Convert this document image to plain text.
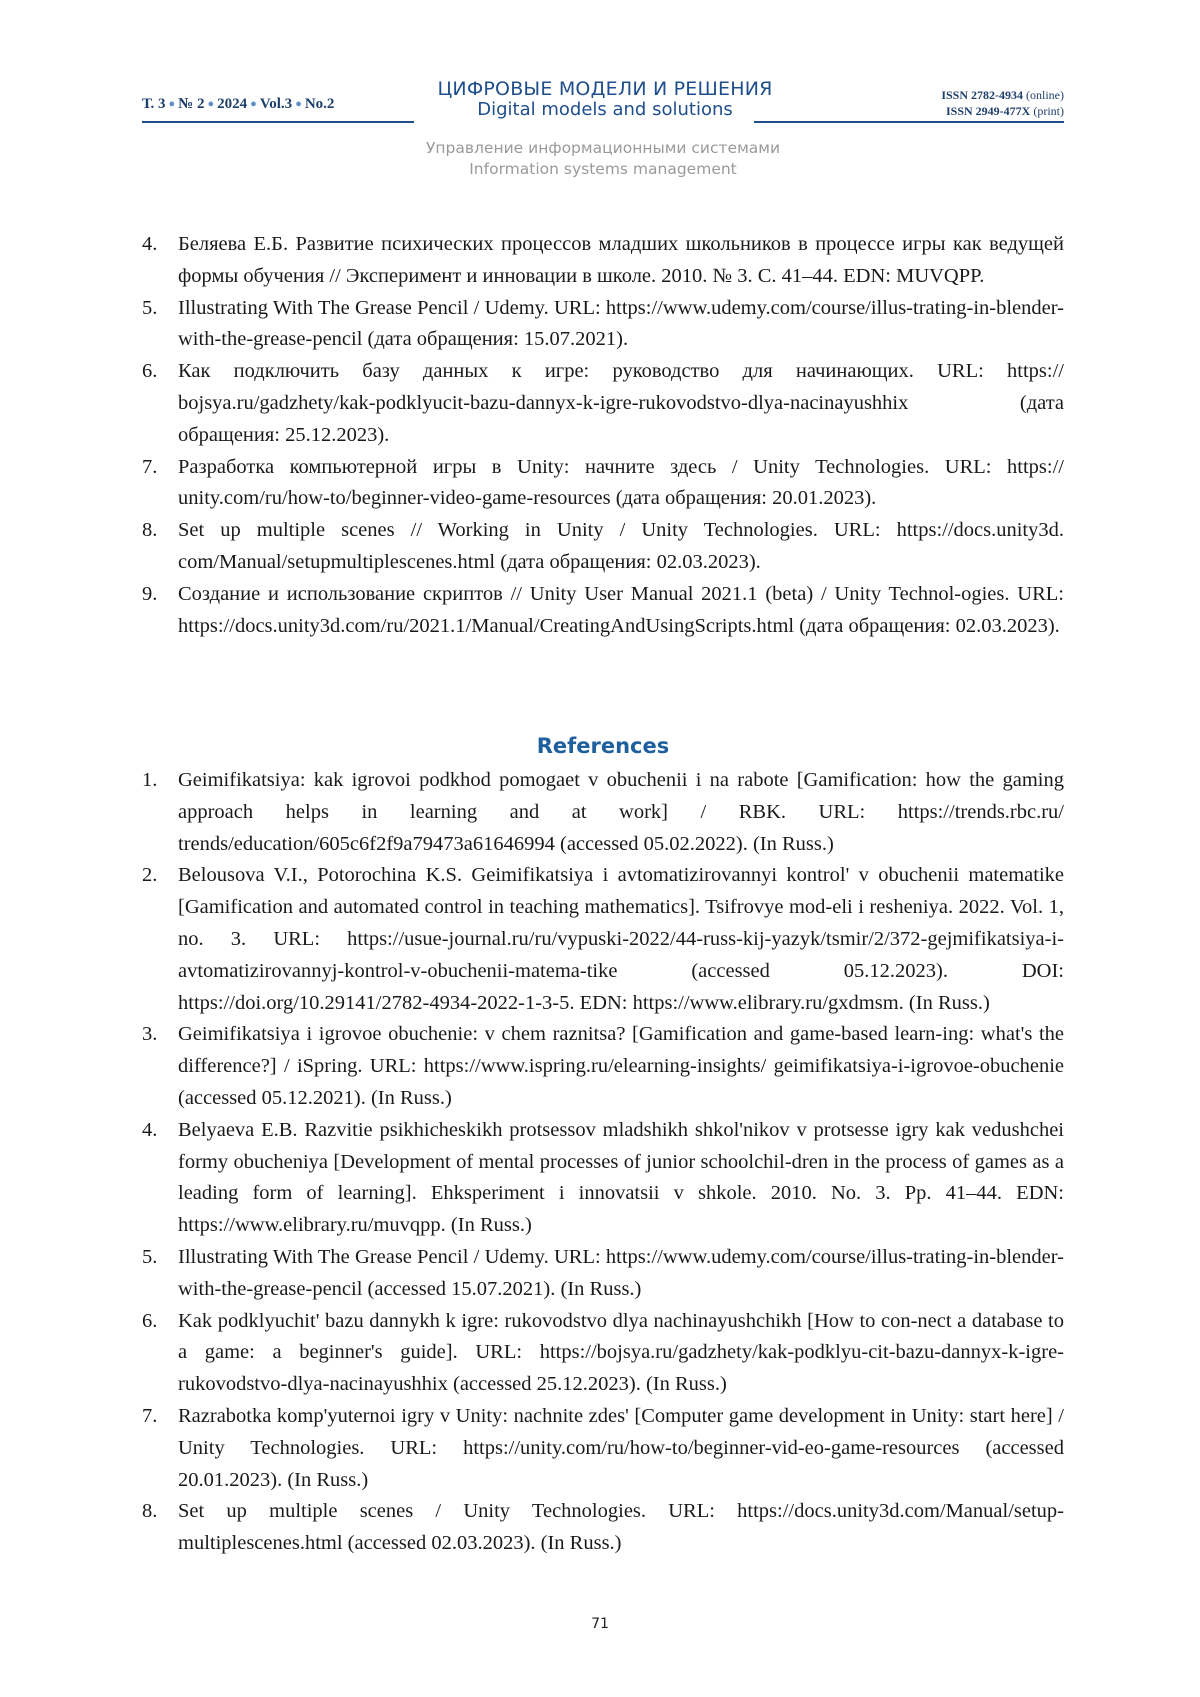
Т. 3 ● № 2 ● 2024 ● Vol.3 ● No.2
ЦИФРОВЫЕ МОДЕЛИ И РЕШЕНИЯ
Digital models and solutions
ISSN 2782-4934 (online)
ISSN 2949-477X (print)
Управление информационными системами
Information systems management
4. Беляева Е.Б. Развитие психических процессов младших школьников в процессе игры как ведущей формы обучения // Эксперимент и инновации в школе. 2010. № 3. С. 41–44. EDN: MUVQPP.
5. Illustrating With The Grease Pencil / Udemy. URL: https://www.udemy.com/course/illus-trating-in-blender-with-the-grease-pencil (дата обращения: 15.07.2021).
6. Как подключить базу данных к игре: руководство для начинающих. URL: https:// bojsya.ru/gadzhety/kak-podklyucit-bazu-dannyx-k-igre-rukovodstvo-dlya-nacinayushhix (дата обращения: 25.12.2023).
7. Разработка компьютерной игры в Unity: начните здесь / Unity Technologies. URL: https:// unity.com/ru/how-to/beginner-video-game-resources (дата обращения: 20.01.2023).
8. Set up multiple scenes // Working in Unity / Unity Technologies. URL: https://docs.unity3d. com/Manual/setupmultiplescenes.html (дата обращения: 02.03.2023).
9. Создание и использование скриптов // Unity User Manual 2021.1 (beta) / Unity Technol-ogies. URL: https://docs.unity3d.com/ru/2021.1/Manual/CreatingAndUsingScripts.html (дата обращения: 02.03.2023).
References
1. Geimifikatsiya: kak igrovoi podkhod pomogaet v obuchenii i na rabote [Gamification: how the gaming approach helps in learning and at work] / RBK. URL: https://trends.rbc.ru/ trends/education/605c6f2f9a79473a61646994 (accessed 05.02.2022). (In Russ.)
2. Belousova V.I., Potorochina K.S. Geimifikatsiya i avtomatizirovannyi kontrol' v obuchenii matematike [Gamification and automated control in teaching mathematics]. Tsifrovye mod-eli i resheniya. 2022. Vol. 1, no. 3. URL: https://usue-journal.ru/ru/vypuski-2022/44-russ-kij-yazyk/tsmir/2/372-gejmifikatsiya-i-avtomatizirovannyj-kontrol-v-obuchenii-matema-tike (accessed 05.12.2023). DOI: https://doi.org/10.29141/2782-4934-2022-1-3-5. EDN: https://www.elibrary.ru/gxdmsm. (In Russ.)
3. Geimifikatsiya i igrovoe obuchenie: v chem raznitsa? [Gamification and game-based learn-ing: what's the difference?] / iSpring. URL: https://www.ispring.ru/elearning-insights/ geimifikatsiya-i-igrovoe-obuchenie (accessed 05.12.2021). (In Russ.)
4. Belyaeva E.B. Razvitie psikhicheskikh protsessov mladshikh shkol'nikov v protsesse igry kak vedushchei formy obucheniya [Development of mental processes of junior schoolchil-dren in the process of games as a leading form of learning]. Ehksperiment i innovatsii v shkole. 2010. No. 3. Pp. 41–44. EDN: https://www.elibrary.ru/muvqpp. (In Russ.)
5. Illustrating With The Grease Pencil / Udemy. URL: https://www.udemy.com/course/illus-trating-in-blender-with-the-grease-pencil (accessed 15.07.2021). (In Russ.)
6. Kak podklyuchit' bazu dannykh k igre: rukovodstvo dlya nachinayushchikh [How to con-nect a database to a game: a beginner's guide]. URL: https://bojsya.ru/gadzhety/kak-podklyu-cit-bazu-dannyx-k-igre-rukovodstvo-dlya-nacinayushhix (accessed 25.12.2023). (In Russ.)
7. Razrabotka komp'yuternoi igry v Unity: nachnite zdes' [Computer game development in Unity: start here] / Unity Technologies. URL: https://unity.com/ru/how-to/beginner-vid-eo-game-resources (accessed 20.01.2023). (In Russ.)
8. Set up multiple scenes / Unity Technologies. URL: https://docs.unity3d.com/Manual/setup-multiplescenes.html (accessed 02.03.2023). (In Russ.)
71
